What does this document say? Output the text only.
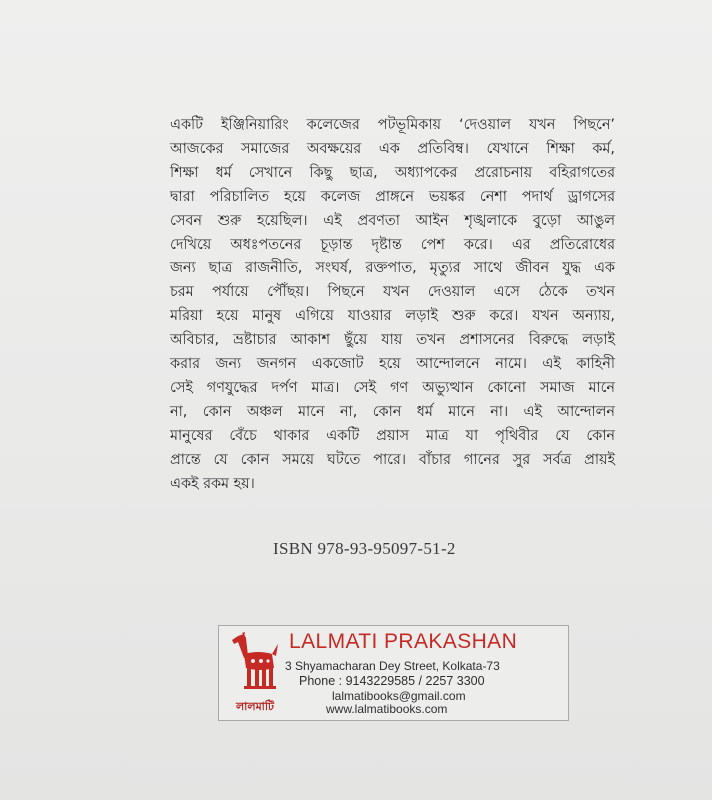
একটি ইঞ্জিনিয়ারিং কলেজের পটভূমিকায় ‘দেওয়াল যখন পিছনে’
আজকের সমাজের অবক্ষয়ের এক প্রতিবিম্ব। যেখানে শিক্ষা কর্ম,
শিক্ষা ধর্ম সেখানে কিছু ছাত্র, অধ্যাপকের প্ররোচনায় বহিরাগতের
দ্বারা পরিচালিত হয়ে কলেজ প্রাঙ্গনে ভয়ঙ্কর নেশা পদার্থ ড্রাগসের
সেবন শুরু হয়েছিল। এই প্রবণতা আইন শৃঙ্খলাকে বুড়ো আঙুল
দেখিয়ে অধঃপতনের চূড়ান্ত দৃষ্টান্ত পেশ করে। এর প্রতিরোধের
জন্য ছাত্র রাজনীতি, সংঘর্ষ, রক্তপাত, মৃত্যুর সাথে জীবন যুদ্ধ এক
চরম পর্যায়ে পৌঁছয়। পিছনে যখন দেওয়াল এসে ঠেকে তখন
মরিয়া হয়ে মানুষ এগিয়ে যাওয়ার লড়াই শুরু করে। যখন অন্যায়,
অবিচার, ভ্রষ্টাচার আকাশ ছুঁয়ে যায় তখন প্রশাসনের বিরুদ্ধে লড়াই
করার জন্য জনগন একজোট হয়ে আন্দোলনে নামে। এই কাহিনী
সেই গণযুদ্ধের দর্পণ মাত্র। সেই গণ অভ্যুত্থান কোনো সমাজ মানে
না, কোন অঞ্চল মানে না, কোন ধর্ম মানে না। এই আন্দোলন
মানুষের বেঁচে থাকার একটি প্রয়াস মাত্র যা পৃথিবীর যে কোন
প্রান্তে যে কোন সময়ে ঘটতে পারে। বাঁচার গানের সুর সর্বত্র প্রায়ই
একই রকম হয়।
ISBN 978-93-95097-51-2
লালমাটি
LALMATI PRAKASHAN
3 Shyamacharan Dey Street, Kolkata-73
Phone : 9143229585 / 2257 3300
lalmatibooks@gmail.com
www.lalmatibooks.com
